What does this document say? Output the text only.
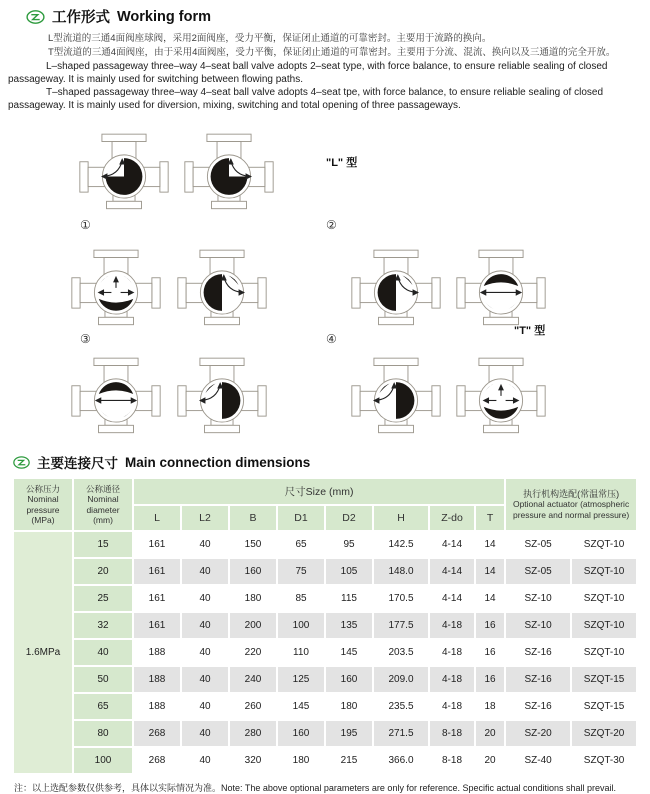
工作形式 Working form
L型流道的三通4面阀座球阀，采用2面阀座，受力平衡，保证闭止通道的可靠密封。主要用于流路的换向。
T型流道的三通4面阀座，由于采用4面阀座，受力平衡，保证闭止通道的可靠密封。主要用于分流、混流、换向以及三通道的完全开放。

L–shaped passageway three–way 4–seat ball valve adopts 2–seat type, with force balance, to ensure reliable sealing of closed passageway. It is mainly used for switching between flowing paths.

T–shaped passageway three–way 4–seat ball valve adopts 4–seat tpe, with force balance, to ensure reliable sealing of closed passageway. It is mainly used for diversion, mixing, switching and total opening of three passageways.

"L" 型
"T" 型
①	②
③	④
主要连接尺寸 Main connection dimensions
公称压力
Nominal
pressure
(MPa)	公称通径
Nominal
diameter
(mm)	尺寸Size (mm)								执行机构选配(常温常压)
Optional actuator (atmospheric pressure and normal pressure)	

		L	L2	B	D1	D2	H	Z-do	T		
1.6MPa	15	161	40	150	65	95	142.5	4-14	14	SZ-05	SZQT-10
	20	161	40	160	75	105	148.0	4-14	14	SZ-05	SZQT-10
	25	161	40	180	85	115	170.5	4-14	14	SZ-10	SZQT-10
	32	161	40	200	100	135	177.5	4-18	16	SZ-10	SZQT-10
	40	188	40	220	110	145	203.5	4-18	16	SZ-16	SZQT-10
	50	188	40	240	125	160	209.0	4-18	16	SZ-16	SZQT-15
	65	188	40	260	145	180	235.5	4-18	18	SZ-16	SZQT-15
	80	268	40	280	160	195	271.5	8-18	20	SZ-20	SZQT-20
	100	268	40	320	180	215	366.0	8-18	20	SZ-40	SZQT-30
注：以上选配参数仅供参考，具体以实际情况为准。Note: The above optional parameters are only for reference. Specific actual conditions shall prevail.
